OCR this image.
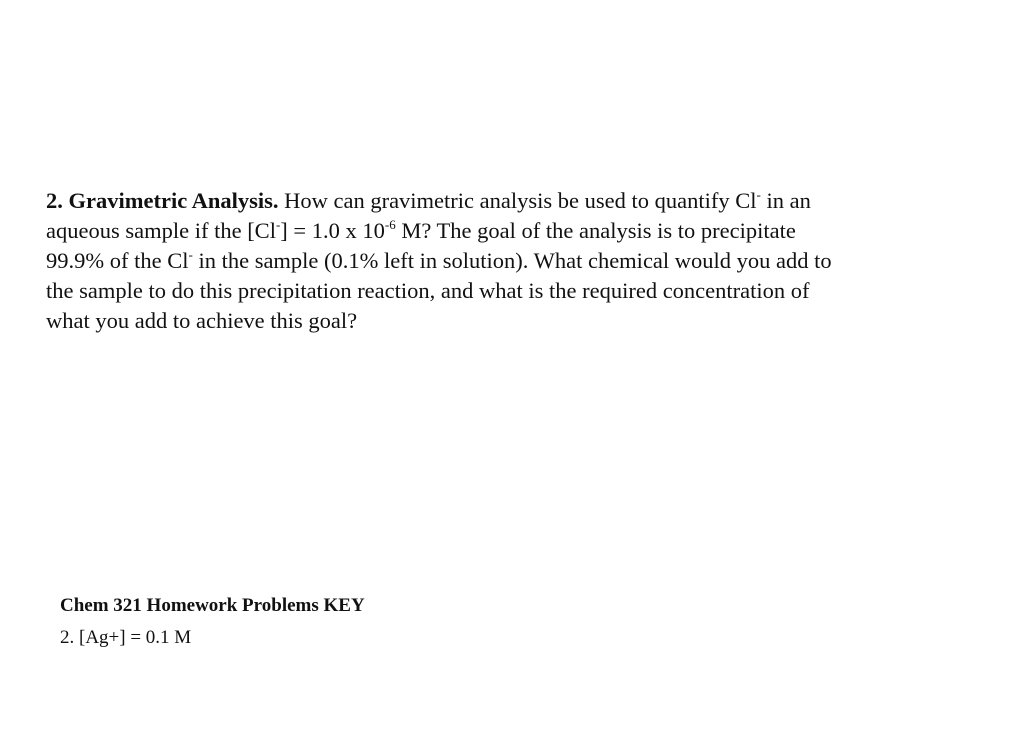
2. Gravimetric Analysis. How can gravimetric analysis be used to quantify Cl- in an
aqueous sample if the [Cl-] = 1.0 x $10^{-6}$ M? The goal of the analysis is to precipitate
99.9% of the Cl- in the sample (0.1% left in solution). What chemical would you add to
the sample to do this precipitation reaction, and what is the required concentration of
what you add to achieve this goal?
Chem 321 Homework Problems KEY
2. [Ag+] = 0.1 M
